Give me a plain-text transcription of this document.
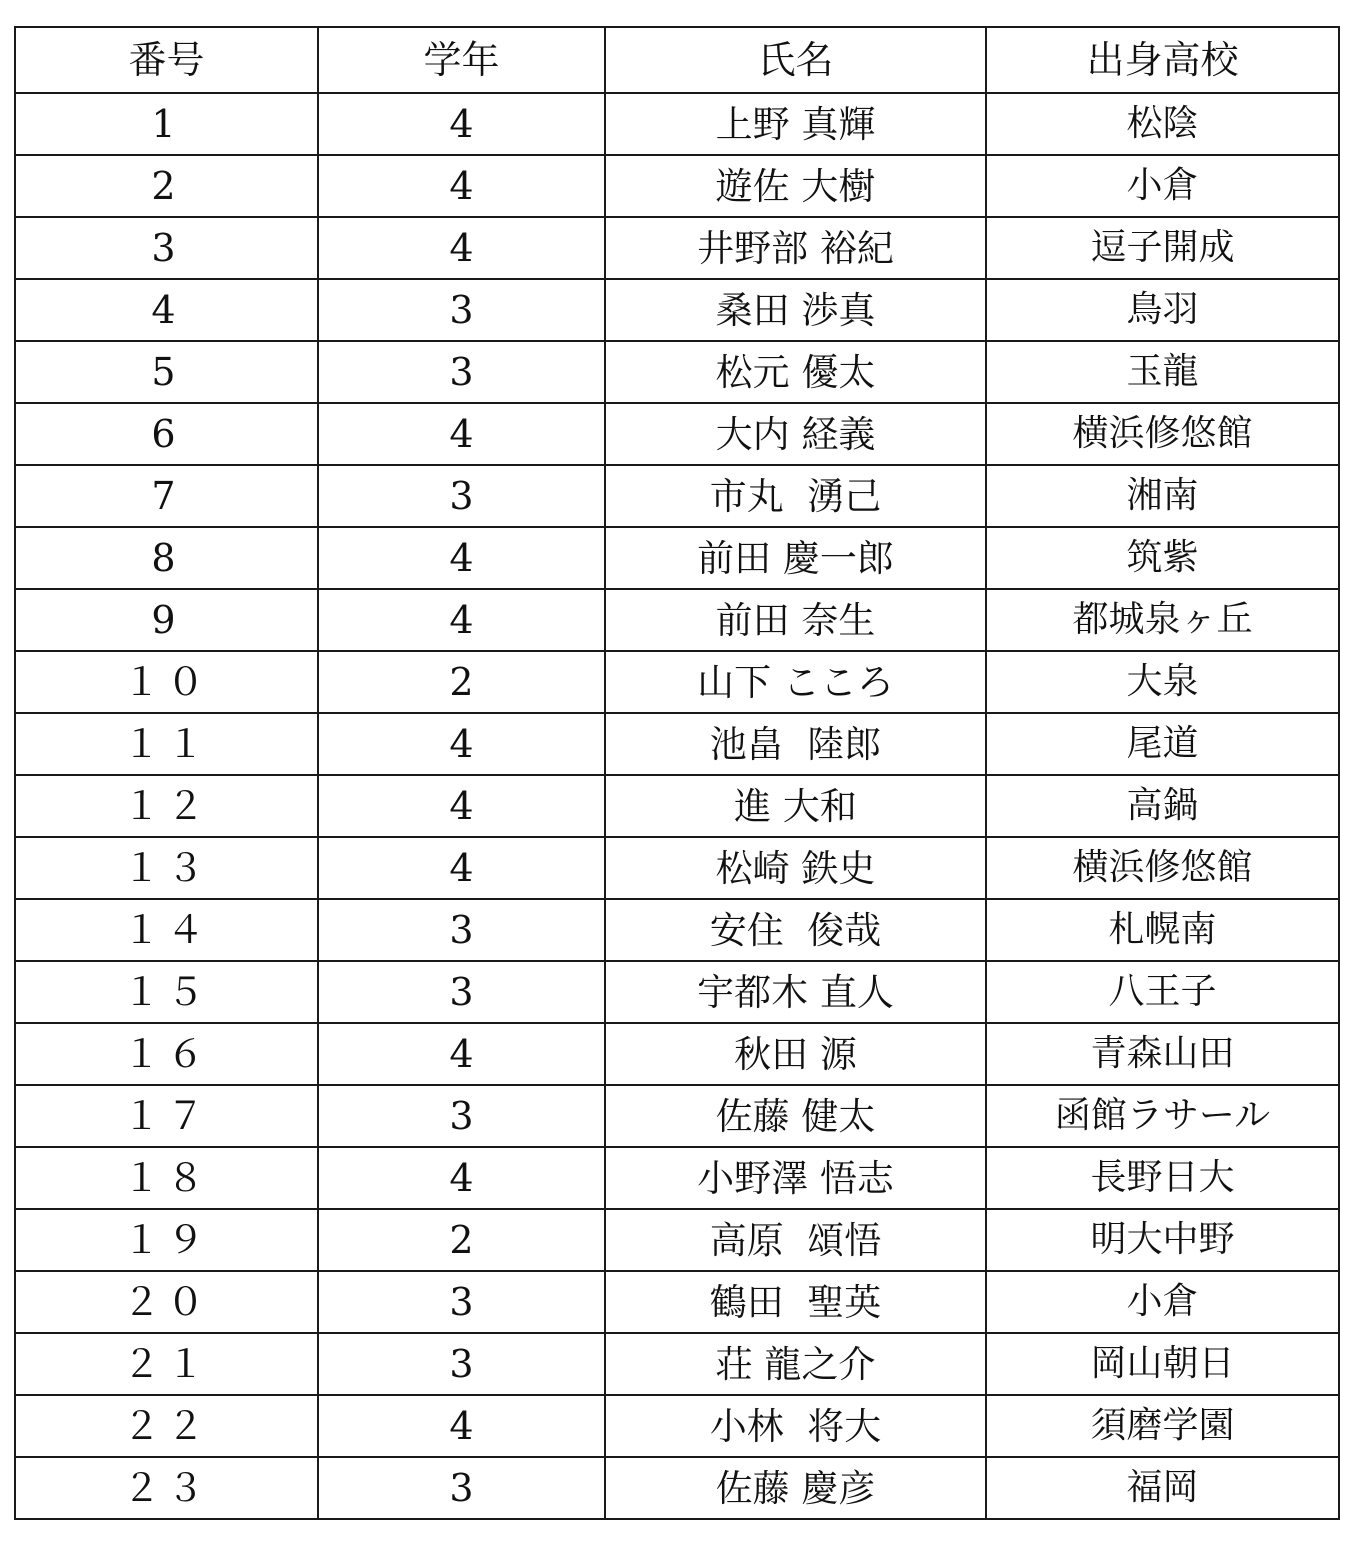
番号	学年	氏名	出身高校
1	4	上野 真輝	松陰
2	4	遊佐 大樹	小倉
3	4	井野部 裕紀	逗子開成
4	3	桑田 渉真	鳥羽
5	3	松元 優太	玉龍
6	4	大内 経義	横浜修悠館
7	3	市丸  湧己	湘南
8	4	前田 慶一郎	筑紫
9	4	前田 奈生	都城泉ヶ丘
１０	2	山下 こころ	大泉
１１	4	池畠  陸郎	尾道
１２	4	進 大和	高鍋
１３	4	松崎 鉄史	横浜修悠館
１４	3	安住  俊哉	札幌南
１５	3	宇都木 直人	八王子
１６	4	秋田 源	青森山田
１７	3	佐藤 健太	函館ラサール
１８	4	小野澤 悟志	長野日大
１９	2	高原  頌悟	明大中野
２０	3	鶴田  聖英	小倉
２１	3	荘 龍之介	岡山朝日
２２	4	小林  将大	須磨学園
２３	3	佐藤 慶彦	福岡
